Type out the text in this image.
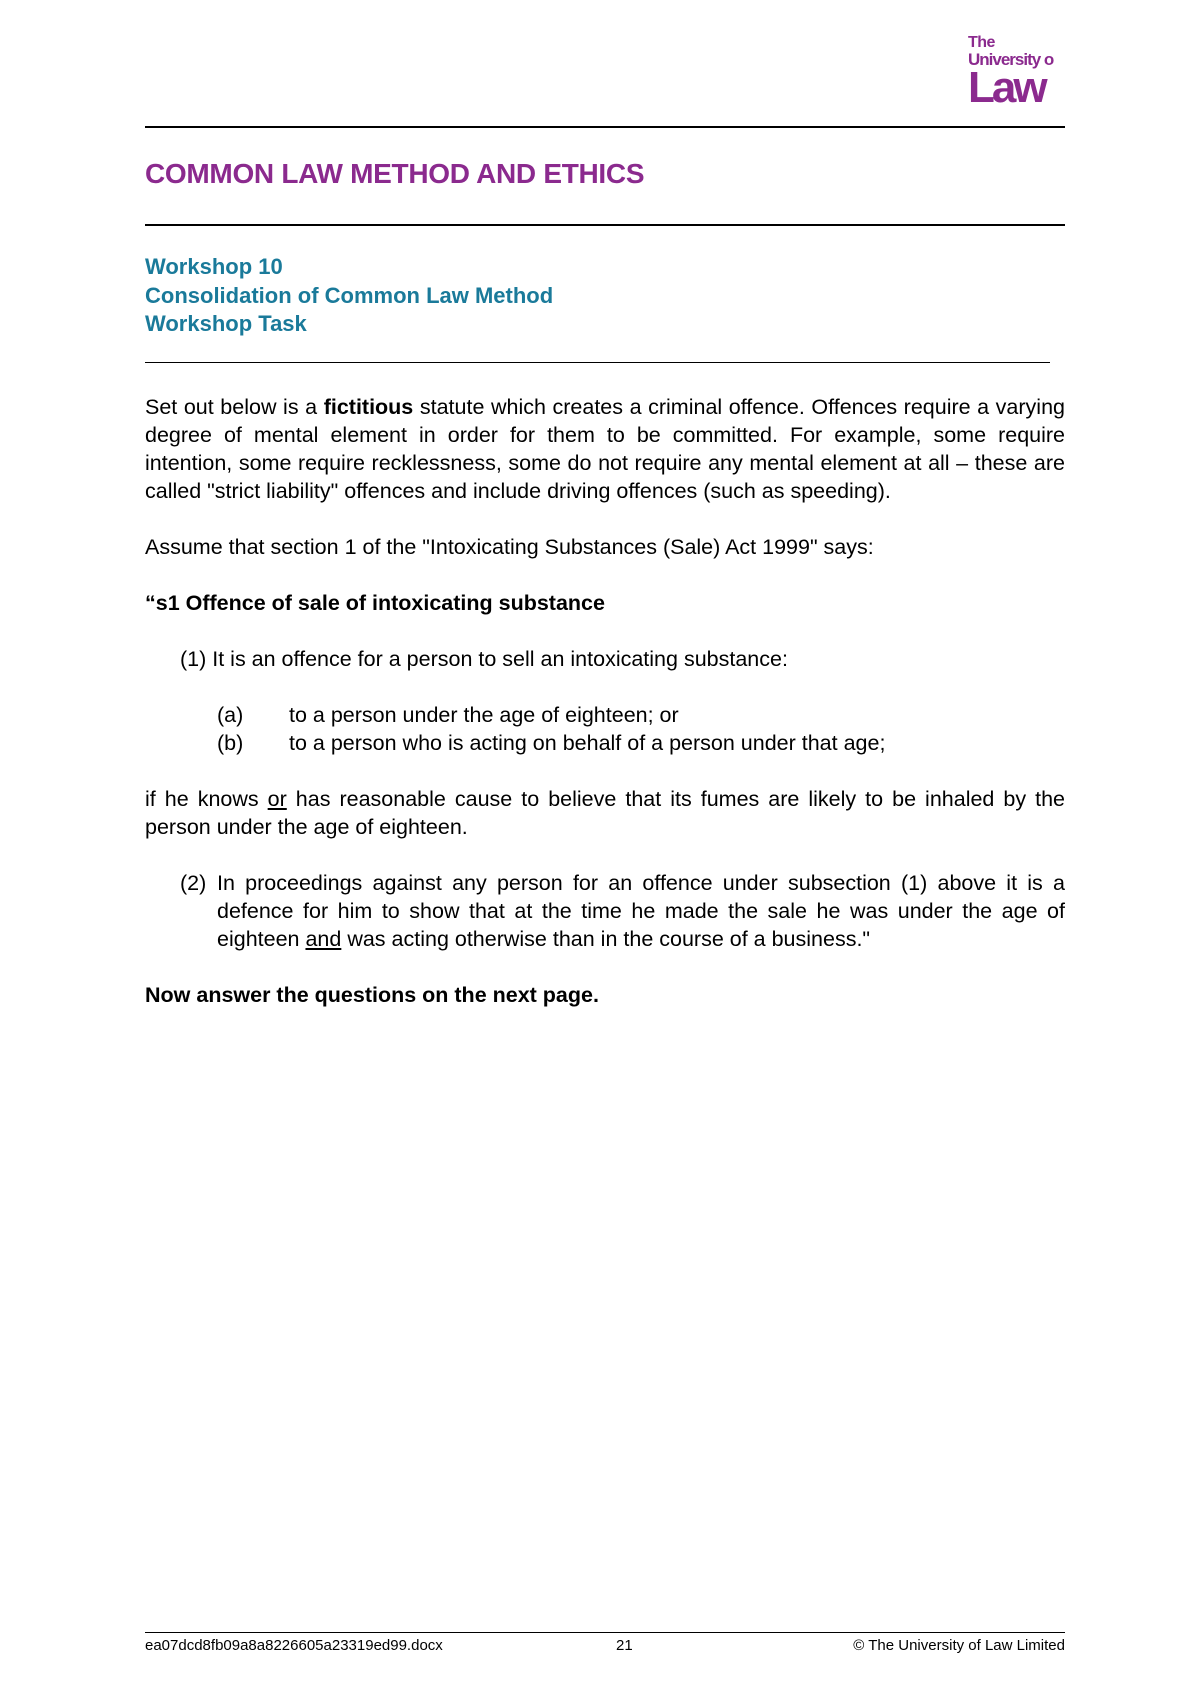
The
University o
Law
COMMON LAW METHOD AND ETHICS
Workshop 10
Consolidation of Common Law Method
Workshop Task

Set out below is a fictitious statute which creates a criminal offence. Offences require a varying degree of mental element in order for them to be committed. For example, some require intention, some require recklessness, some do not require any mental element at all – these are called "strict liability" offences and include driving offences (such as speeding).

Assume that section 1 of the "Intoxicating Substances (Sale) Act 1999" says:

“s1 Offence of sale of intoxicating substance

(1) It is an offence for a person to sell an intoxicating substance:

(a)	to a person under the age of eighteen; or
(b)	to a person who is acting on behalf of a person under that age;

if he knows or has reasonable cause to believe that its fumes are likely to be inhaled by the person under the age of eighteen.

(2) In proceedings against any person for an offence under subsection (1) above it is a defence for him to show that at the time he made the sale he was under the age of eighteen and was acting otherwise than in the course of a business."

Now answer the questions on the next page.

ea07dcd8fb09a8a8226605a23319ed99.docx	21	© The University of Law Limited
